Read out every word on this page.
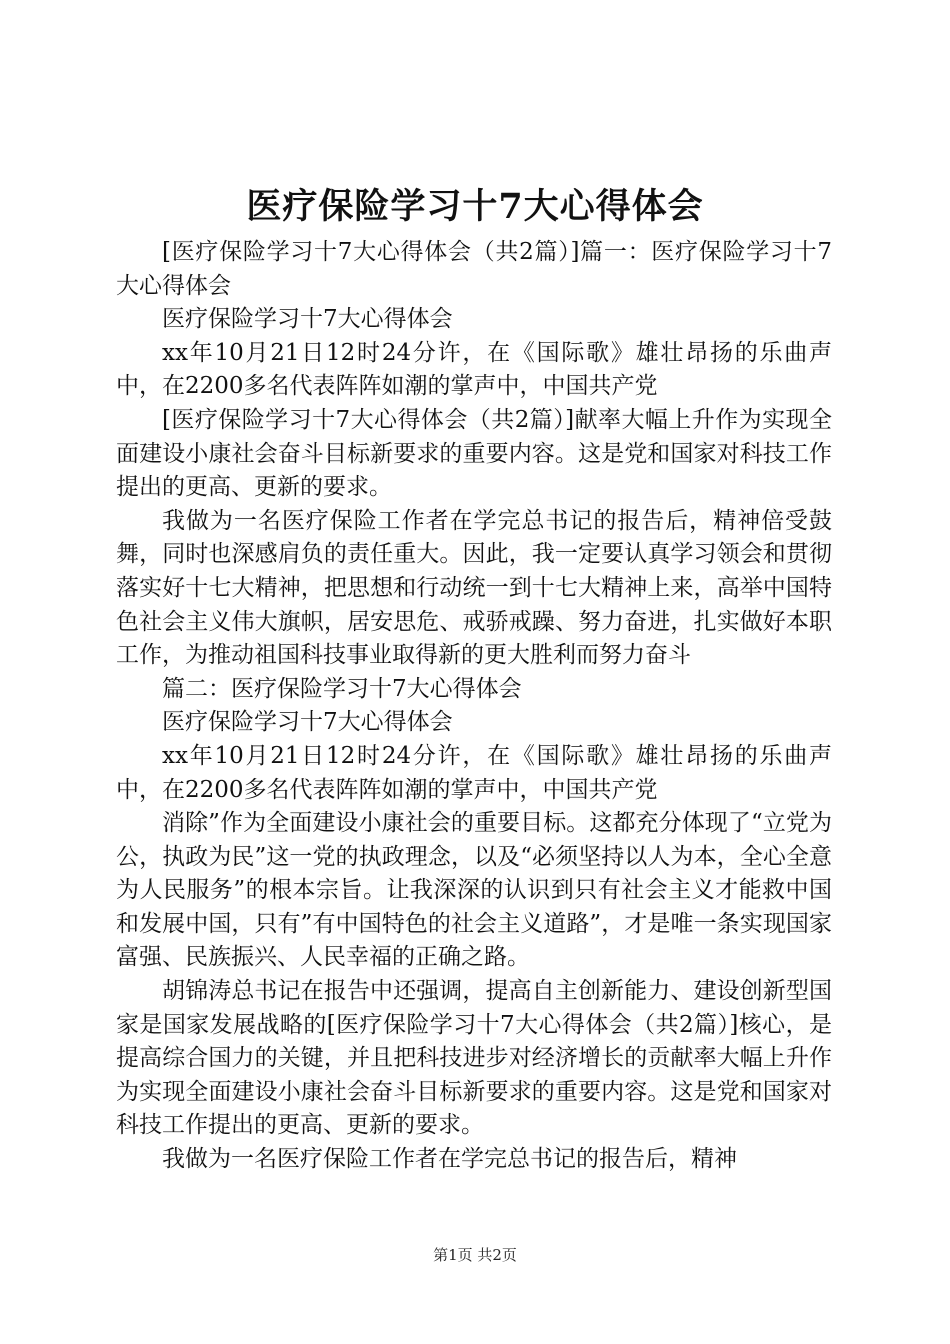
医疗保险学习十7大心得体会

[医疗保险学习十7大心得体会（共2篇）]篇一：医疗保险学习十7大心得体会

医疗保险学习十7大心得体会

xx年10月21日12时24分许，在《国际歌》雄壮昂扬的乐曲声中，在2200多名代表阵阵如潮的掌声中，中国共产党

[医疗保险学习十7大心得体会（共2篇）]献率大幅上升作为实现全面建设小康社会奋斗目标新要求的重要内容。这是党和国家对科技工作提出的更高、更新的要求。

我做为一名医疗保险工作者在学完总书记的报告后，精神倍受鼓舞，同时也深感肩负的责任重大。因此，我一定要认真学习领会和贯彻落实好十七大精神，把思想和行动统一到十七大精神上来，高举中国特色社会主义伟大旗帜，居安思危、戒骄戒躁、努力奋进，扎实做好本职工作，为推动祖国科技事业取得新的更大胜利而努力奋斗

篇二：医疗保险学习十7大心得体会

医疗保险学习十7大心得体会

xx年10月21日12时24分许，在《国际歌》雄壮昂扬的乐曲声中，在2200多名代表阵阵如潮的掌声中，中国共产党

消除”作为全面建设小康社会的重要目标。这都充分体现了“立党为公，执政为民”这一党的执政理念，以及“必须坚持以人为本，全心全意为人民服务”的根本宗旨。让我深深的认识到只有社会主义才能救中国和发展中国，只有”有中国特色的社会主义道路”，才是唯一条实现国家富强、民族振兴、人民幸福的正确之路。

胡锦涛总书记在报告中还强调，提高自主创新能力、建设创新型国家是国家发展战略的[医疗保险学习十7大心得体会（共2篇）]核心，是提高综合国力的关键，并且把科技进步对经济增长的贡献率大幅上升作为实现全面建设小康社会奋斗目标新要求的重要内容。这是党和国家对科技工作提出的更高、更新的要求。

我做为一名医疗保险工作者在学完总书记的报告后，精神

第1页 共2页
